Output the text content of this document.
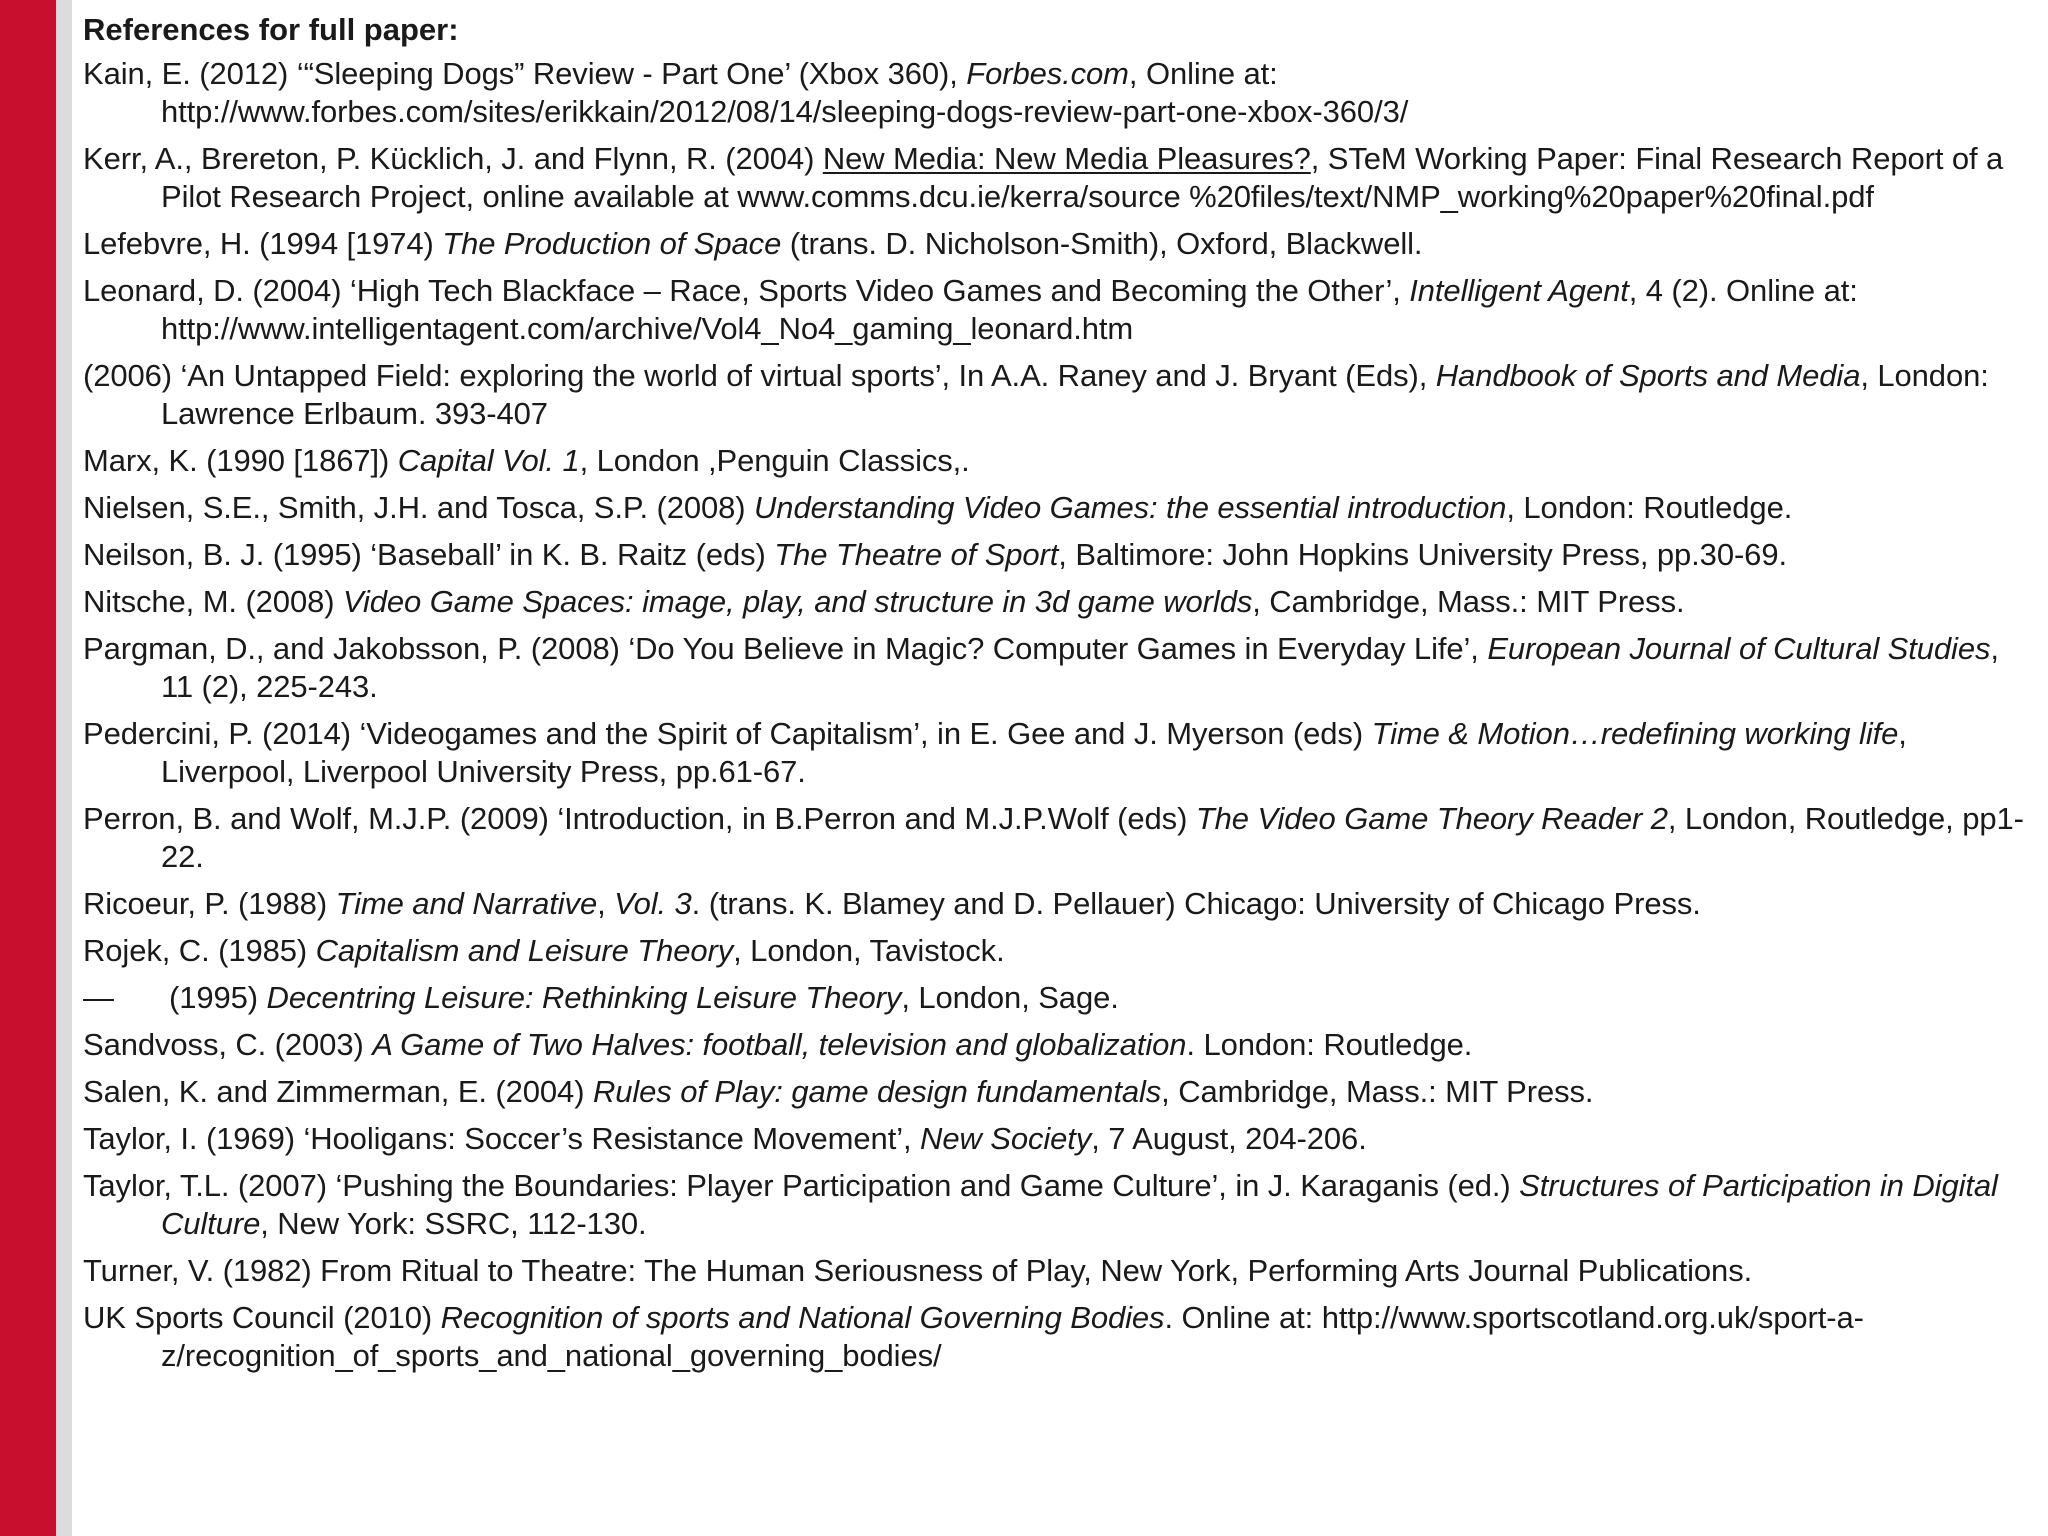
References for full paper:
Kain, E. (2012) ‘“Sleeping Dogs” Review - Part One’ (Xbox 360), Forbes.com, Online at: http://www.forbes.com/sites/erikkain/2012/08/14/sleeping-dogs-review-part-one-xbox-360/3/
Kerr, A., Brereton, P. Kücklich, J. and Flynn, R. (2004) New Media: New Media Pleasures?, STeM Working Paper: Final Research Report of a Pilot Research Project, online available at www.comms.dcu.ie/kerra/source %20files/text/NMP_working%20paper%20final.pdf
Lefebvre, H. (1994 [1974) The Production of Space (trans. D. Nicholson-Smith), Oxford, Blackwell.
Leonard, D. (2004) ‘High Tech Blackface – Race, Sports Video Games and Becoming the Other’, Intelligent Agent, 4 (2). Online at: http://www.intelligentagent.com/archive/Vol4_No4_gaming_leonard.htm
(2006) ‘An Untapped Field: exploring the world of virtual sports’, In A.A. Raney and J. Bryant (Eds), Handbook of Sports and Media, London: Lawrence Erlbaum. 393-407
Marx, K. (1990 [1867]) Capital Vol. 1, London ,Penguin Classics,.
Nielsen, S.E., Smith, J.H. and Tosca, S.P. (2008) Understanding Video Games: the essential introduction, London: Routledge.
Neilson, B. J. (1995) ‘Baseball’ in K. B. Raitz (eds) The Theatre of Sport, Baltimore: John Hopkins University Press, pp.30-69.
Nitsche, M. (2008) Video Game Spaces: image, play, and structure in 3d game worlds, Cambridge, Mass.: MIT Press.
Pargman, D., and Jakobsson, P. (2008) ‘Do You Believe in Magic? Computer Games in Everyday Life’, European Journal of Cultural Studies, 11 (2), 225-243.
Pedercini, P. (2014) ‘Videogames and the Spirit of Capitalism’, in E. Gee and J. Myerson (eds) Time & Motion…redefining working life, Liverpool, Liverpool University Press, pp.61-67.
Perron, B. and Wolf, M.J.P. (2009) ‘Introduction, in B.Perron and M.J.P.Wolf (eds) The Video Game Theory Reader 2, London, Routledge, pp1-22.
Ricoeur, P. (1988) Time and Narrative, Vol. 3. (trans. K. Blamey and D. Pellauer) Chicago: University of Chicago Press.
Rojek, C. (1985) Capitalism and Leisure Theory, London, Tavistock.
— (1995) Decentring Leisure: Rethinking Leisure Theory, London, Sage.
Sandvoss, C. (2003) A Game of Two Halves: football, television and globalization. London: Routledge.
Salen, K. and Zimmerman, E. (2004) Rules of Play: game design fundamentals, Cambridge, Mass.: MIT Press.
Taylor, I. (1969) ‘Hooligans: Soccer’s Resistance Movement’, New Society, 7 August, 204-206.
Taylor, T.L. (2007) ‘Pushing the Boundaries: Player Participation and Game Culture’, in J. Karaganis (ed.) Structures of Participation in Digital Culture, New York: SSRC, 112-130.
Turner, V. (1982) From Ritual to Theatre: The Human Seriousness of Play, New York, Performing Arts Journal Publications.
UK Sports Council (2010) Recognition of sports and National Governing Bodies. Online at: http://www.sportscotland.org.uk/sport-a-z/recognition_of_sports_and_national_governing_bodies/
